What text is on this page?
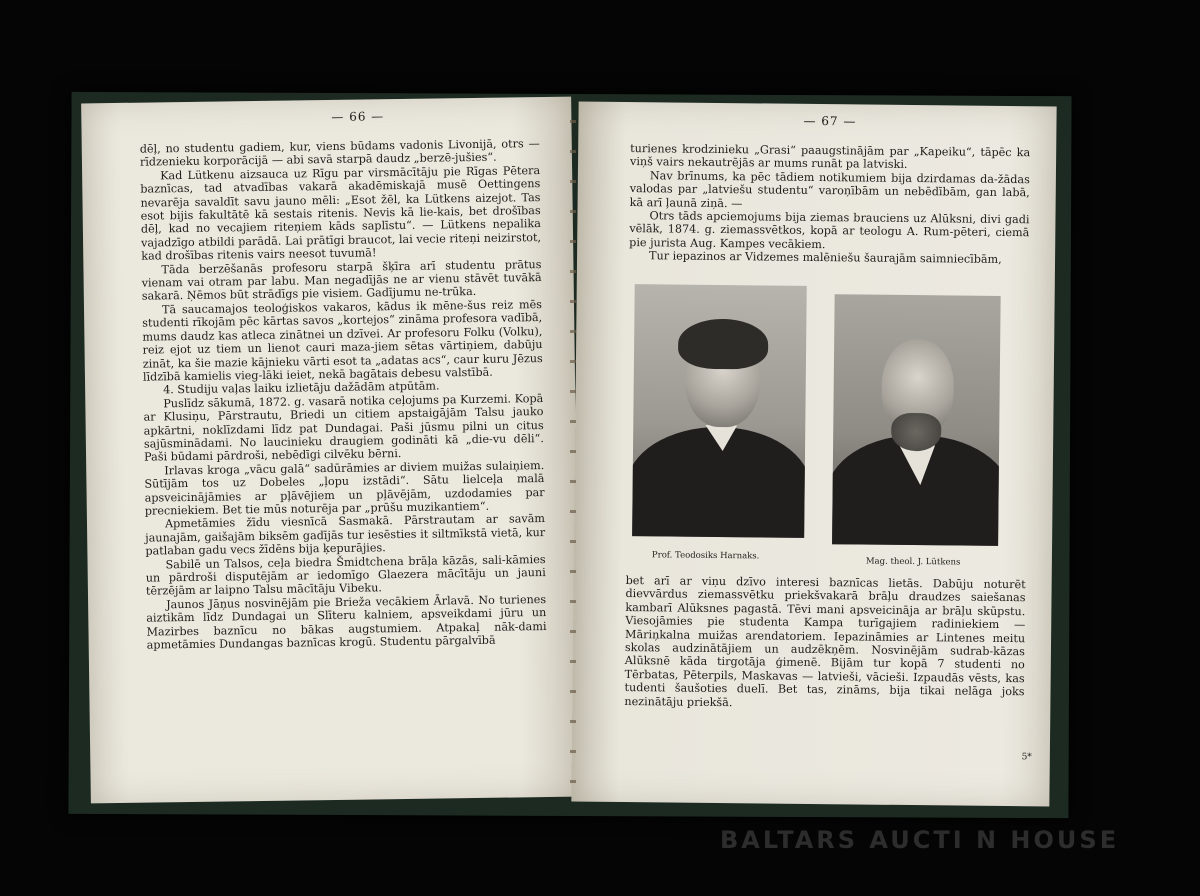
— 66 —

dēļ, no studentu gadiem, kur, viens būdams vadonis Livonijā, otrs — rīdzenieku korporācijā — abi savā starpā daudz „berzē-jušies“.

Kad Lütkenu aizsauca uz Rīgu par virsmācītāju pie Rīgas Pētera baznīcas, tad atvadības vakarā akadēmiskajā musē Oettingens nevarēja savaldīt savu jauno mēli: „Esot žēl, ka Lütkens aizejot. Tas esot bijis fakultātē kā sestais ritenis. Nevis kā lie-kais, bet drošības dēļ, kad no vecajiem riteņiem kāds saplīstu“. — Lütkens nepalika vajadzīgo atbildi parādā. Lai prātīgi braucot, lai vecie riteņi neizirstot, kad drošības ritenis vairs neesot tuvumā!

Tāda berzēšanās profesoru starpā šķīra arī studentu prātus vienam vai otram par labu. Man negadījās ne ar vienu stāvēt tuvākā sakarā. Ņēmos būt strādīgs pie visiem. Gadījumu ne-trūka.

Tā saucamajos teoloģiskos vakaros, kādus ik mēne-šus reiz mēs studenti rīkojām pēc kārtas savos „kortejos“ zināma profesora vadībā, mums daudz kas atleca zinātnei un dzīvei. Ar profesoru Folku (Volku), reiz ejot uz tiem un lienot cauri maza-jiem sētas vārtiņiem, dabūju zināt, ka šie mazie kājnieku vārti esot ta „adatas acs“, caur kuru Jēzus līdzībā kamielis vieg-lāki ieiet, nekā bagātais debesu valstībā.

4. Studiju vaļas laiku izlietāju dažādām atpūtām.

Puslīdz sākumā, 1872. g. vasarā notika ceļojums pa Kurzemi. Kopā ar Klusiņu, Pārstrautu, Briedi un citiem apstaigājām Talsu jauko apkārtni, noklīzdami līdz pat Dundagai. Paši jūsmu pilni un citus sajūsminādami. No laucinieku draugiem godināti kā „die-vu dēli“. Paši būdami pārdroši, nebēdīgi cilvēku bērni.

Irlavas kroga „vācu galā“ sadūrāmies ar diviem muižas sulaiņiem. Sūtījām tos uz Dobeles „ļopu izstādi“. Sātu lielceļa malā apsveicinājāmies ar pļāvējiem un pļāvējām, uzdodamies par precniekiem. Bet tie mūs noturēja par „prūšu muzikantiem“.

Apmetāmies žīdu viesnīcā Sasmakā. Pārstrautam ar savām jaunajām, gaišajām biksēm gadījās tur iesēsties it siltmīkstā vietā, kur patlaban gadu vecs žīdēns bija ķepurājies.

Sabilē un Talsos, ceļa biedra Šmidtchena brāļa kāzās, sali-kāmies un pārdroši disputējām ar iedomīgo Glaezera mācītāju un jauni tērzējām ar laipno Talsu mācītāju Vibeku.

Jaunos Jāņus nosvinējām pie Brieža vecākiem Ārlavā. No turienes aiztikām līdz Dundagai un Slīteru kalniem, apsveikdami jūru un Mazirbes baznīcu no bākas augstumiem. Atpakaļ nāk-dami apmetāmies Dundangas baznīcas krogū. Studentu pārgalvībā

— 67 —

turienes krodzinieku „Grasi“ paaugstinājām par „Kapeiku“, tāpēc ka viņš vairs nekautrējās ar mums runāt pa latviski.

Nav brīnums, ka pēc tādiem notikumiem bija dzirdamas da-žādas valodas par „latviešu studentu“ varoņībām un nebēdībām, gan labā, kā arī ļaunā ziņā. —

Otrs tāds apciemojums bija ziemas brauciens uz Alūksni, divi gadi vēlāk, 1874. g. ziemassvētkos, kopā ar teologu A. Rum-pēteri, ciemā pie jurista Aug. Kampes vecākiem.

Tur iepazinos ar Vidzemes malēniešu šaurajām saimniecībām,

Prof. Teodosiks Harnaks.
Mag. theol. J. Lütkens

bet arī ar viņu dzīvo interesi baznīcas lietās. Dabūju noturēt dievvārdus ziemassvētku priekšvakarā brāļu draudzes saiešanas kambarī Alūksnes pagastā. Tēvi mani apsveicināja ar brāļu skūpstu. Viesojāmies pie studenta Kampa turīgajiem radiniekiem — Māriņkalna muižas arendatoriem. Iepazināmies ar Lintenes meitu skolas audzinātājiem un audzēkņēm. Nosvinējām sudrab-kāzas Alūksnē kāda tirgotāja ģimenē. Bijām tur kopā 7 studenti no Tērbatas, Pēterpils, Maskavas — latvieši, vācieši. Izpaudās vēsts, kas tudenti šaušoties duelī. Bet tas, zināms, bija tikai nelāga joks nezinātāju priekšā.

5*
BALTARS AUCTI N HOUSE
